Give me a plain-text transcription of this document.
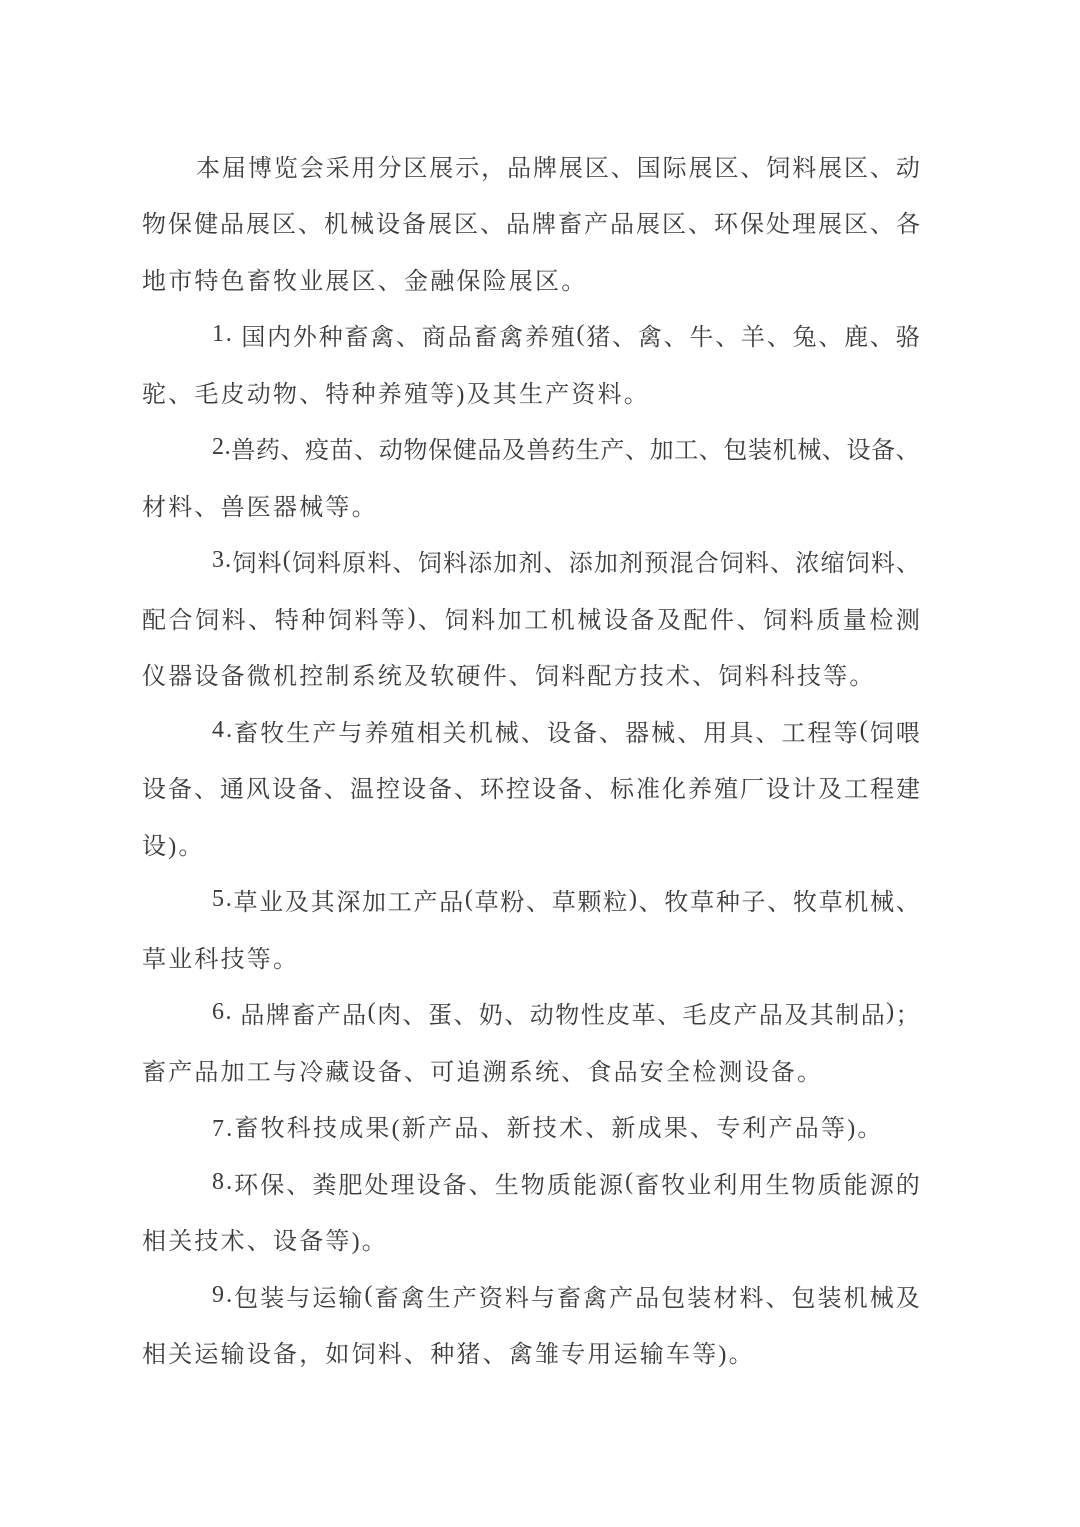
本 届 博 览 会 采 用 分 区 展 示 ， 品 牌 展 区 、 国 际 展 区 、 饲 料 展 区 、 动
物 保 健 品 展 区 、 机 械 设 备 展 区 、 品 牌 畜 产 品 展 区 、 环 保 处 理 展 区 、 各
地市特色畜牧业展区、金融保险展区。
1 .
国 内 外 种 畜 禽 、 商 品 畜 禽 养 殖 ( 猪 、 禽 、 牛 、 羊 、 兔 、 鹿 、 骆
驼、毛皮动物、特种养殖等)及其生产资料。
2 . 兽 药 、 疫 苗 、 动 物 保 健 品 及 兽 药 生 产 、 加 工 、 包 装 机 械 、 设 备 、
材料、兽医器械等。
3 . 饲 料 ( 饲 料 原 料 、 饲 料 添 加 剂 、 添 加 剂 预 混 合 饲 料 、 浓 缩 饲 料 、
配 合 饲 料 、 特 种 饲 料 等 ) 、 饲 料 加 工 机 械 设 备 及 配 件 、 饲 料 质 量 检 测
仪器设备微机控制系统及软硬件、饲料配方技术、饲料科技等。
4 . 畜 牧 生 产 与 养 殖 相 关 机 械 、 设 备 、 器 械 、 用 具 、 工 程 等 ( 饲 喂
设 备 、 通 风 设 备 、 温 控 设 备 、 环 控 设 备 、 标 准 化 养 殖 厂 设 计 及 工 程 建
设)。
5 . 草 业 及 其 深 加 工 产 品 ( 草 粉 、 草 颗 粒 ) 、 牧 草 种 子 、 牧 草 机 械 、
草业科技等。
6 .
品 牌 畜 产 品 ( 肉 、 蛋 、 奶 、 动 物 性 皮 革 、 毛 皮 产 品 及 其 制 品 ) ；
畜产品加工与冷藏设备、可追溯系统、食品安全检测设备。
7.畜牧科技成果(新产品、新技术、新成果、专利产品等)。
8 . 环 保 、 粪 肥 处 理 设 备 、 生 物 质 能 源 ( 畜 牧 业 利 用 生 物 质 能 源 的
相关技术、设备等)。
9 . 包 装 与 运 输 ( 畜 禽 生 产 资 料 与 畜 禽 产 品 包 装 材 料 、 包 装 机 械 及
相关运输设备，如饲料、种猪、禽雏专用运输车等)。
